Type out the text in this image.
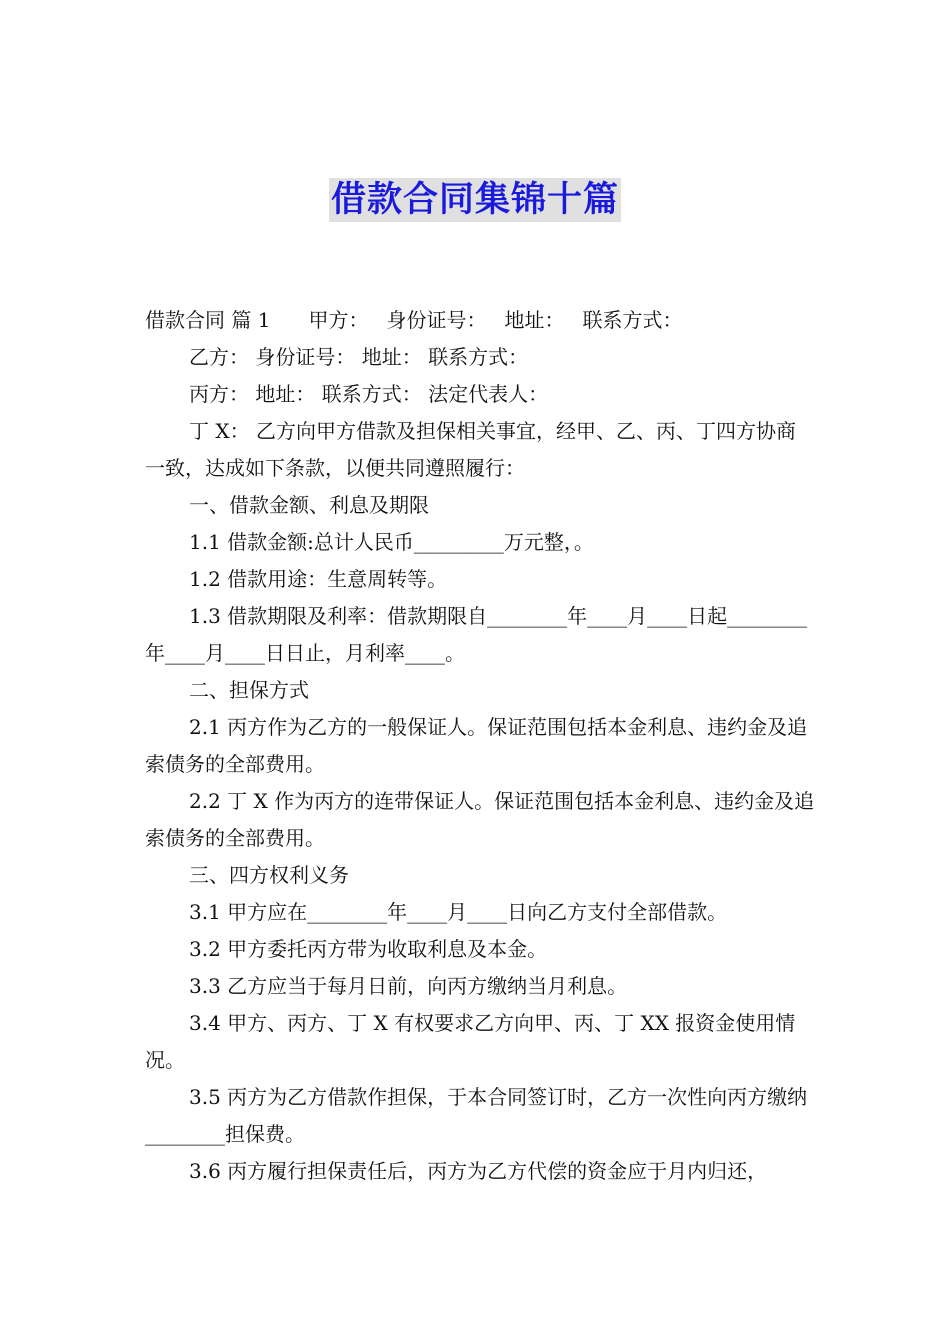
借款合同集锦十篇

借款合同 篇 1 甲方： 身份证号： 地址： 联系方式：

乙方： 身份证号： 地址： 联系方式：

丙方： 地址： 联系方式： 法定代表人：

丁 X： 乙方向甲方借款及担保相关事宜，经甲、乙、丙、丁四方协商一致，达成如下条款，以便共同遵照履行：

一、借款金额、利息及期限

1.1 借款金额:总计人民币_________万元整，。

1.2 借款用途：生意周转等。

1.3 借款期限及利率：借款期限自________年____月____日起________年____月____日日止，月利率____。

二、担保方式

2.1 丙方作为乙方的一般保证人。保证范围包括本金利息、违约金及追索债务的全部费用。

2.2 丁 X 作为丙方的连带保证人。保证范围包括本金利息、违约金及追索债务的全部费用。

三、四方权利义务

3.1 甲方应在________年____月____日向乙方支付全部借款。

3.2 甲方委托丙方带为收取利息及本金。

3.3 乙方应当于每月日前，向丙方缴纳当月利息。

3.4 甲方、丙方、丁 X 有权要求乙方向甲、丙、丁 XX 报资金使用情况。

3.5 丙方为乙方借款作担保，于本合同签订时，乙方一次性向丙方缴纳________担保费。

3.6 丙方履行担保责任后，丙方为乙方代偿的资金应于月内归还，
